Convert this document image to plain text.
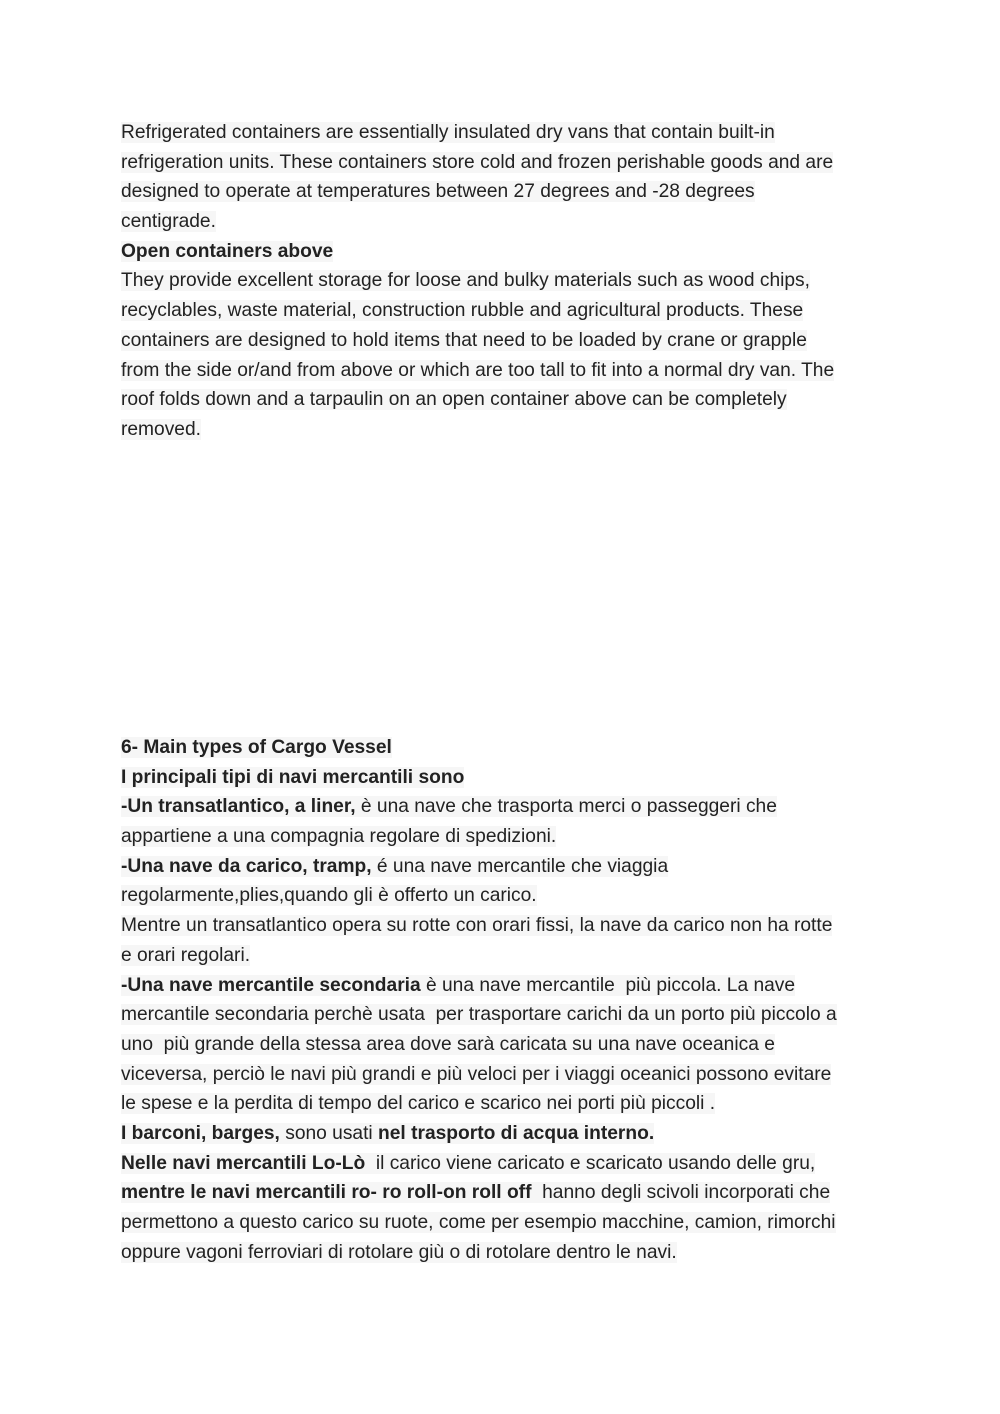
Refrigerated containers are essentially insulated dry vans that contain built-in
refrigeration units. These containers store cold and frozen perishable goods and are
designed to operate at temperatures between 27 degrees and -28 degrees
centigrade.
Open containers above
They provide excellent storage for loose and bulky materials such as wood chips,
recyclables, waste material, construction rubble and agricultural products. These
containers are designed to hold items that need to be loaded by crane or grapple
from the side or/and from above or which are too tall to fit into a normal dry van. The
roof folds down and a tarpaulin on an open container above can be completely
removed.
6- Main types of Cargo Vessel
I principali tipi di navi mercantili sono
-Un transatlantico, a liner, è una nave che trasporta merci o passeggeri che
appartiene a una compagnia regolare di spedizioni.
-Una nave da carico, tramp, é una nave mercantile che viaggia
regolarmente,plies,quando gli è offerto un carico.
Mentre un transatlantico opera su rotte con orari fissi, la nave da carico non ha rotte
e orari regolari.
-Una nave mercantile secondaria è una nave mercantile  più piccola. La nave
mercantile secondaria perchè usata  per trasportare carichi da un porto più piccolo a
uno  più grande della stessa area dove sarà caricata su una nave oceanica e
viceversa, perciò le navi più grandi e più veloci per i viaggi oceanici possono evitare
le spese e la perdita di tempo del carico e scarico nei porti più piccoli .
I barconi, barges, sono usati nel trasporto di acqua interno.
Nelle navi mercantili Lo-Lò  il carico viene caricato e scaricato usando delle gru,
mentre le navi mercantili ro- ro roll-on roll off  hanno degli scivoli incorporati che
permettono a questo carico su ruote, come per esempio macchine, camion, rimorchi
oppure vagoni ferroviari di rotolare giù o di rotolare dentro le navi.
